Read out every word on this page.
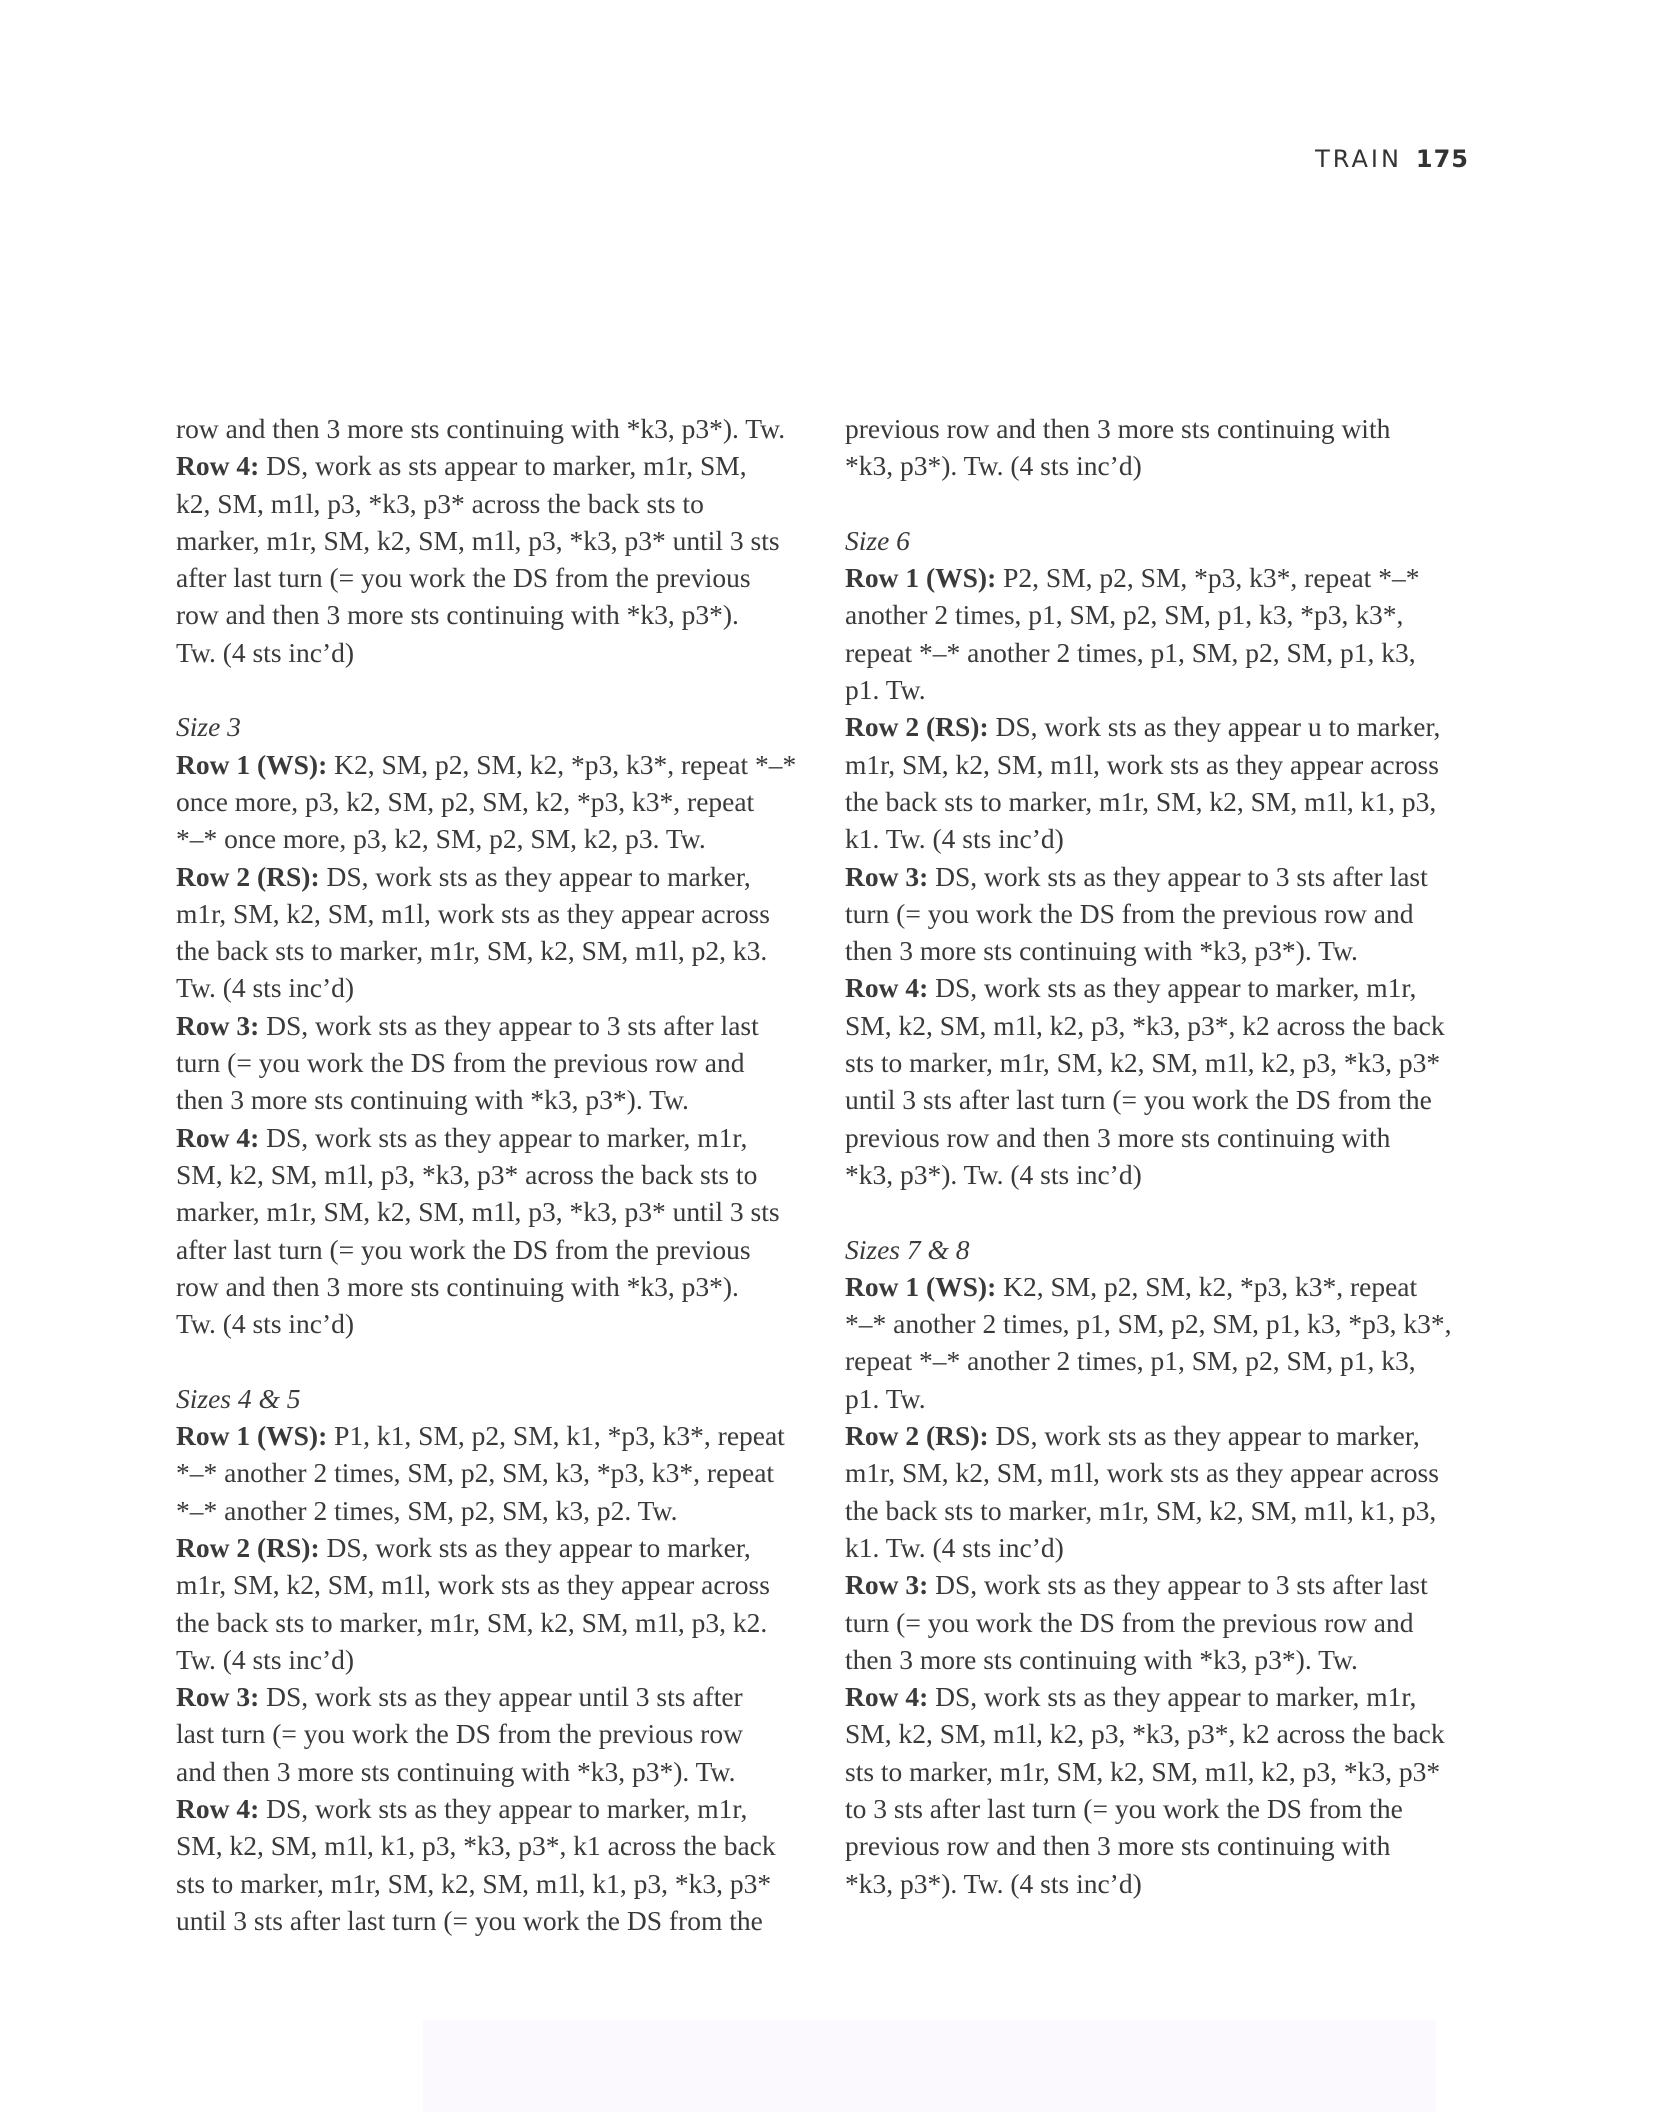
TRAIN 175
row and then 3 more sts continuing with *k3, p3*). Tw.
Row 4: DS, work as sts appear to marker, m1r, SM,
k2, SM, m1l, p3, *k3, p3* across the back sts to
marker, m1r, SM, k2, SM, m1l, p3, *k3, p3* until 3 sts
after last turn (= you work the DS from the previous
row and then 3 more sts continuing with *k3, p3*).
Tw. (4 sts inc’d)
Size 3
Row 1 (WS): K2, SM, p2, SM, k2, *p3, k3*, repeat *–*
once more, p3, k2, SM, p2, SM, k2, *p3, k3*, repeat
*–* once more, p3, k2, SM, p2, SM, k2, p3. Tw.
Row 2 (RS): DS, work sts as they appear to marker,
m1r, SM, k2, SM, m1l, work sts as they appear across
the back sts to marker, m1r, SM, k2, SM, m1l, p2, k3.
Tw. (4 sts inc’d)
Row 3: DS, work sts as they appear to 3 sts after last
turn (= you work the DS from the previous row and
then 3 more sts continuing with *k3, p3*). Tw.
Row 4: DS, work sts as they appear to marker, m1r,
SM, k2, SM, m1l, p3, *k3, p3* across the back sts to
marker, m1r, SM, k2, SM, m1l, p3, *k3, p3* until 3 sts
after last turn (= you work the DS from the previous
row and then 3 more sts continuing with *k3, p3*).
Tw. (4 sts inc’d)
Sizes 4 & 5
Row 1 (WS): P1, k1, SM, p2, SM, k1, *p3, k3*, repeat
*–* another 2 times, SM, p2, SM, k3, *p3, k3*, repeat
*–* another 2 times, SM, p2, SM, k3, p2. Tw.
Row 2 (RS): DS, work sts as they appear to marker,
m1r, SM, k2, SM, m1l, work sts as they appear across
the back sts to marker, m1r, SM, k2, SM, m1l, p3, k2.
Tw. (4 sts inc’d)
Row 3: DS, work sts as they appear until 3 sts after
last turn (= you work the DS from the previous row
and then 3 more sts continuing with *k3, p3*). Tw.
Row 4: DS, work sts as they appear to marker, m1r,
SM, k2, SM, m1l, k1, p3, *k3, p3*, k1 across the back
sts to marker, m1r, SM, k2, SM, m1l, k1, p3, *k3, p3*
until 3 sts after last turn (= you work the DS from the
previous row and then 3 more sts continuing with
*k3, p3*). Tw. (4 sts inc’d)
Size 6
Row 1 (WS): P2, SM, p2, SM, *p3, k3*, repeat *–*
another 2 times, p1, SM, p2, SM, p1, k3, *p3, k3*,
repeat *–* another 2 times, p1, SM, p2, SM, p1, k3,
p1. Tw.
Row 2 (RS): DS, work sts as they appear u to marker,
m1r, SM, k2, SM, m1l, work sts as they appear across
the back sts to marker, m1r, SM, k2, SM, m1l, k1, p3,
k1. Tw. (4 sts inc’d)
Row 3: DS, work sts as they appear to 3 sts after last
turn (= you work the DS from the previous row and
then 3 more sts continuing with *k3, p3*). Tw.
Row 4: DS, work sts as they appear to marker, m1r,
SM, k2, SM, m1l, k2, p3, *k3, p3*, k2 across the back
sts to marker, m1r, SM, k2, SM, m1l, k2, p3, *k3, p3*
until 3 sts after last turn (= you work the DS from the
previous row and then 3 more sts continuing with
*k3, p3*). Tw. (4 sts inc’d)
Sizes 7 & 8
Row 1 (WS): K2, SM, p2, SM, k2, *p3, k3*, repeat
*–* another 2 times, p1, SM, p2, SM, p1, k3, *p3, k3*,
repeat *–* another 2 times, p1, SM, p2, SM, p1, k3,
p1. Tw.
Row 2 (RS): DS, work sts as they appear to marker,
m1r, SM, k2, SM, m1l, work sts as they appear across
the back sts to marker, m1r, SM, k2, SM, m1l, k1, p3,
k1. Tw. (4 sts inc’d)
Row 3: DS, work sts as they appear to 3 sts after last
turn (= you work the DS from the previous row and
then 3 more sts continuing with *k3, p3*). Tw.
Row 4: DS, work sts as they appear to marker, m1r,
SM, k2, SM, m1l, k2, p3, *k3, p3*, k2 across the back
sts to marker, m1r, SM, k2, SM, m1l, k2, p3, *k3, p3*
to 3 sts after last turn (= you work the DS from the
previous row and then 3 more sts continuing with
*k3, p3*). Tw. (4 sts inc’d)
